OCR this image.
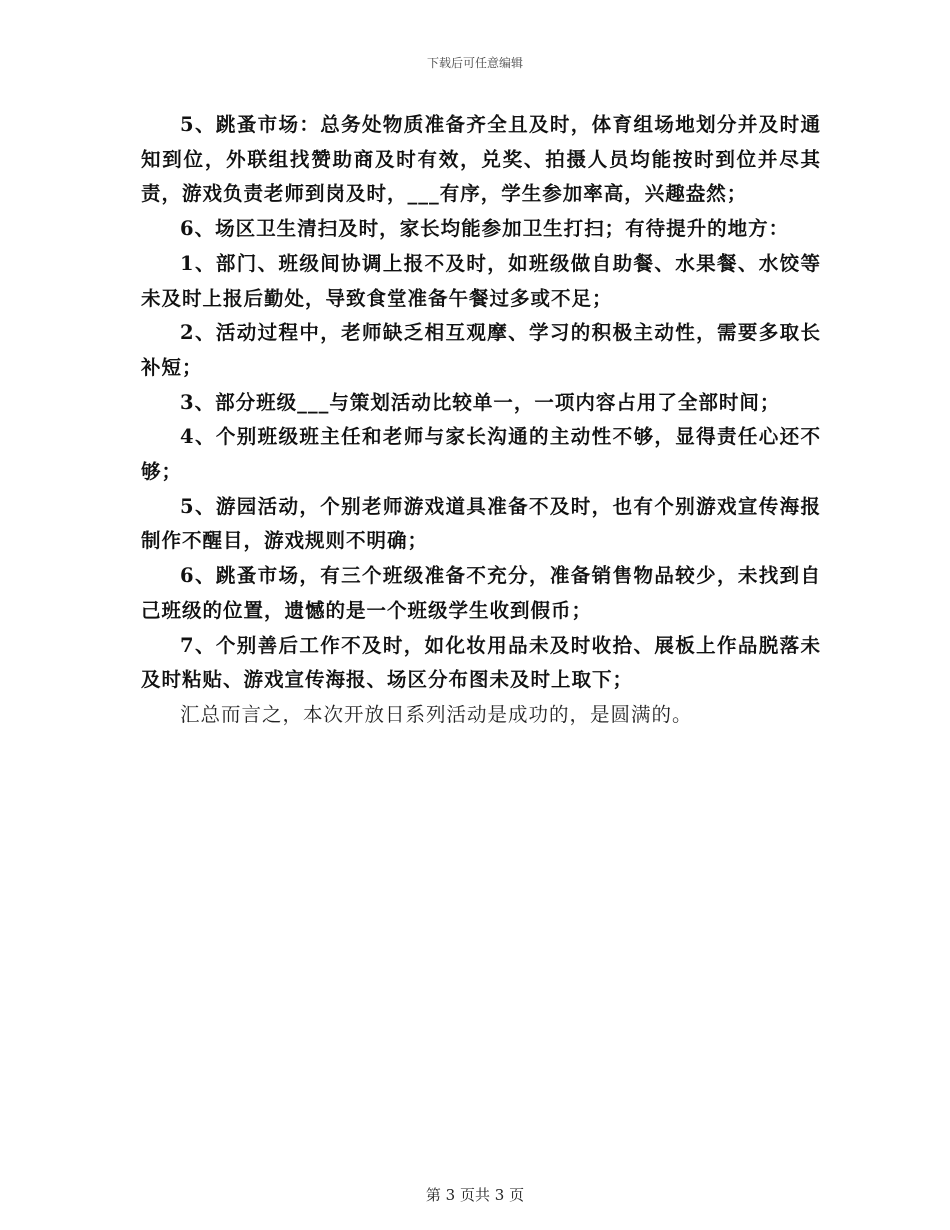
下载后可任意编辑

5、跳蚤市场：总务处物质准备齐全且及时，体育组场地划分并及时通知到位，外联组找赞助商及时有效，兑奖、拍摄人员均能按时到位并尽其责，游戏负责老师到岗及时，___有序，学生参加率高，兴趣盎然；

6、场区卫生清扫及时，家长均能参加卫生打扫；有待提升的地方：

1、部门、班级间协调上报不及时，如班级做自助餐、水果餐、水饺等未及时上报后勤处，导致食堂准备午餐过多或不足；

2、活动过程中，老师缺乏相互观摩、学习的积极主动性，需要多取长补短；

3、部分班级___与策划活动比较单一，一项内容占用了全部时间；

4、个别班级班主任和老师与家长沟通的主动性不够，显得责任心还不够；

5、游园活动，个别老师游戏道具准备不及时，也有个别游戏宣传海报制作不醒目，游戏规则不明确；

6、跳蚤市场，有三个班级准备不充分，准备销售物品较少，未找到自己班级的位置，遗憾的是一个班级学生收到假币；

7、个别善后工作不及时，如化妆用品未及时收拾、展板上作品脱落未及时粘贴、游戏宣传海报、场区分布图未及时上取下；

汇总而言之，本次开放日系列活动是成功的，是圆满的。

第 3 页共 3 页
